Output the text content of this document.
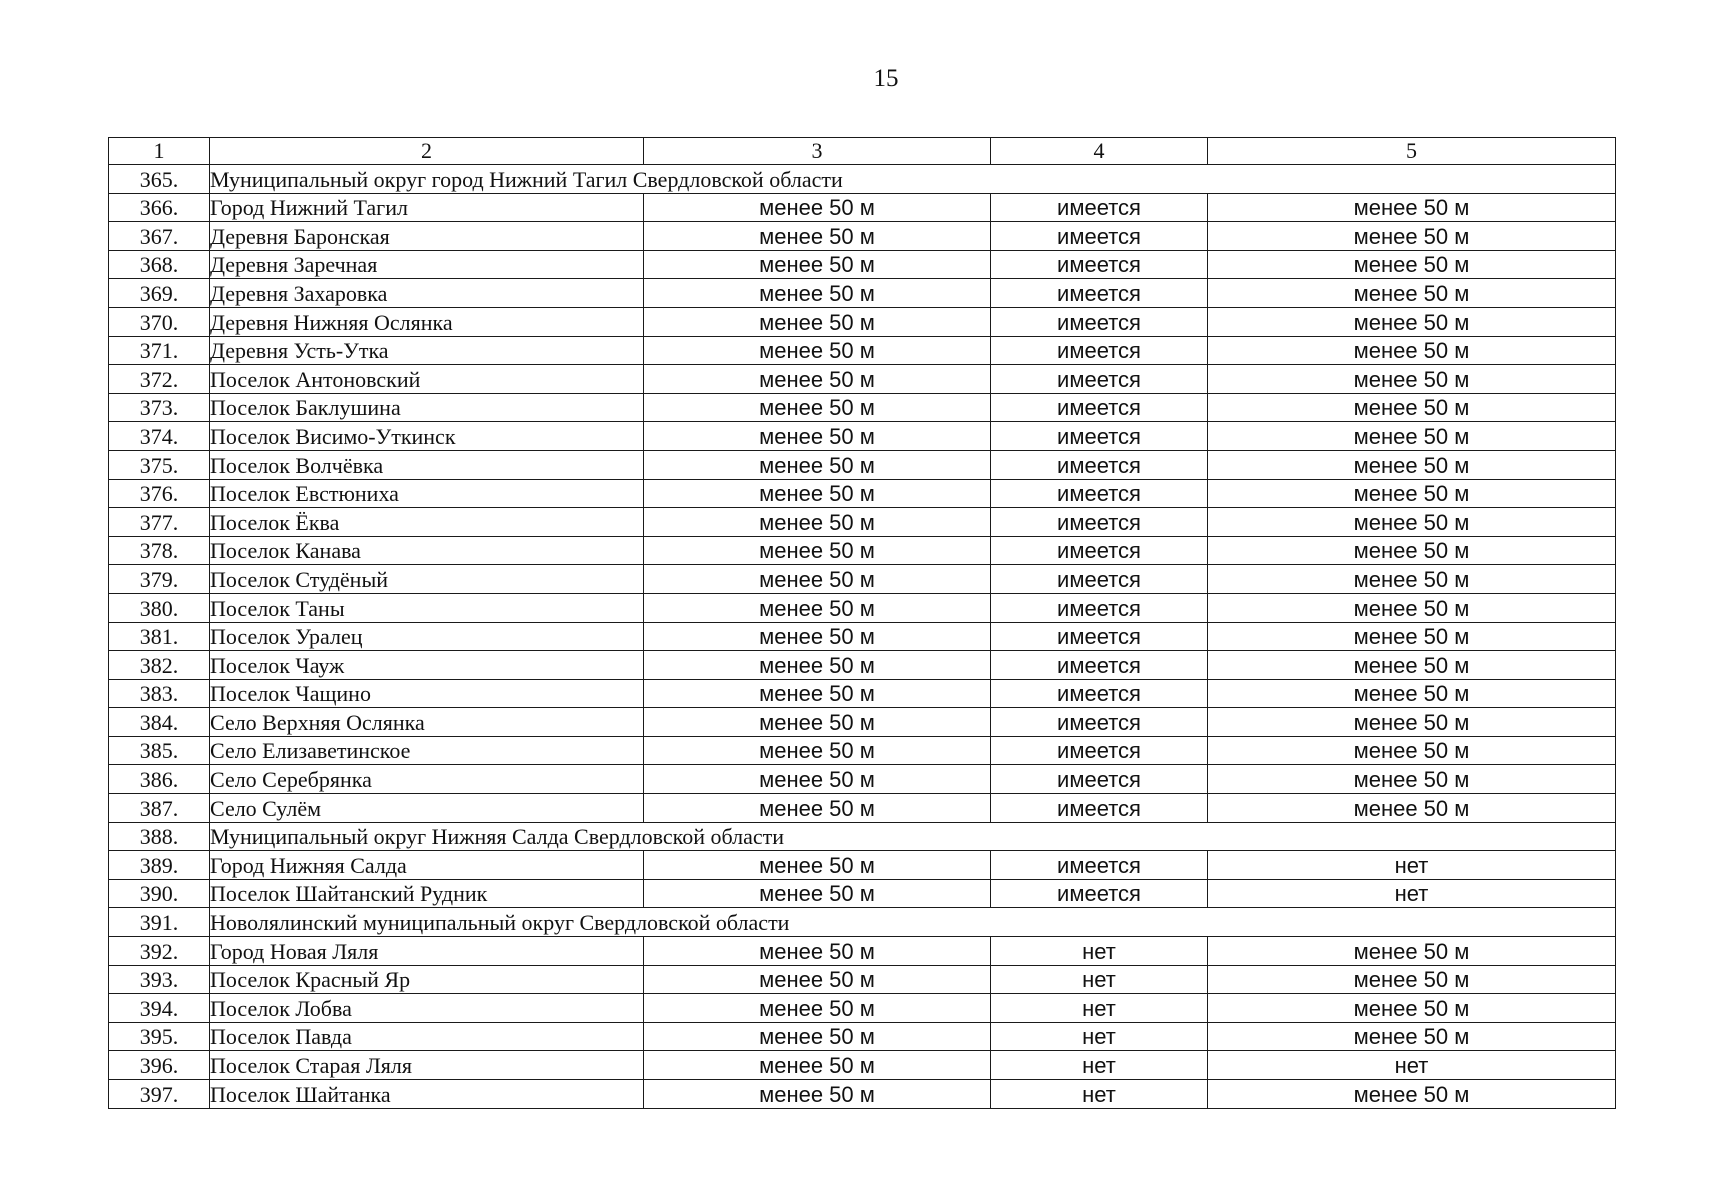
15
1	2	3	4	5
365.	Муниципальный округ город Нижний Тагил Свердловской области			
366.	Город Нижний Тагил	менее 50 м	имеется	менее 50 м
367.	Деревня Баронская	менее 50 м	имеется	менее 50 м
368.	Деревня Заречная	менее 50 м	имеется	менее 50 м
369.	Деревня Захаровка	менее 50 м	имеется	менее 50 м
370.	Деревня Нижняя Ослянка	менее 50 м	имеется	менее 50 м
371.	Деревня Усть-Утка	менее 50 м	имеется	менее 50 м
372.	Поселок Антоновский	менее 50 м	имеется	менее 50 м
373.	Поселок Баклушина	менее 50 м	имеется	менее 50 м
374.	Поселок Висимо-Уткинск	менее 50 м	имеется	менее 50 м
375.	Поселок Волчёвка	менее 50 м	имеется	менее 50 м
376.	Поселок Евстюниха	менее 50 м	имеется	менее 50 м
377.	Поселок Ёква	менее 50 м	имеется	менее 50 м
378.	Поселок Канава	менее 50 м	имеется	менее 50 м
379.	Поселок Студёный	менее 50 м	имеется	менее 50 м
380.	Поселок Таны	менее 50 м	имеется	менее 50 м
381.	Поселок Уралец	менее 50 м	имеется	менее 50 м
382.	Поселок Чауж	менее 50 м	имеется	менее 50 м
383.	Поселок Чащино	менее 50 м	имеется	менее 50 м
384.	Село Верхняя Ослянка	менее 50 м	имеется	менее 50 м
385.	Село Елизаветинское	менее 50 м	имеется	менее 50 м
386.	Село Серебрянка	менее 50 м	имеется	менее 50 м
387.	Село Сулём	менее 50 м	имеется	менее 50 м
388.	Муниципальный округ Нижняя Салда Свердловской области			
389.	Город Нижняя Салда	менее 50 м	имеется	нет
390.	Поселок Шайтанский Рудник	менее 50 м	имеется	нет
391.	Новолялинский муниципальный округ Свердловской области			
392.	Город Новая Ляля	менее 50 м	нет	менее 50 м
393.	Поселок Красный Яр	менее 50 м	нет	менее 50 м
394.	Поселок Лобва	менее 50 м	нет	менее 50 м
395.	Поселок Павда	менее 50 м	нет	менее 50 м
396.	Поселок Старая Ляля	менее 50 м	нет	нет
397.	Поселок Шайтанка	менее 50 м	нет	менее 50 м
